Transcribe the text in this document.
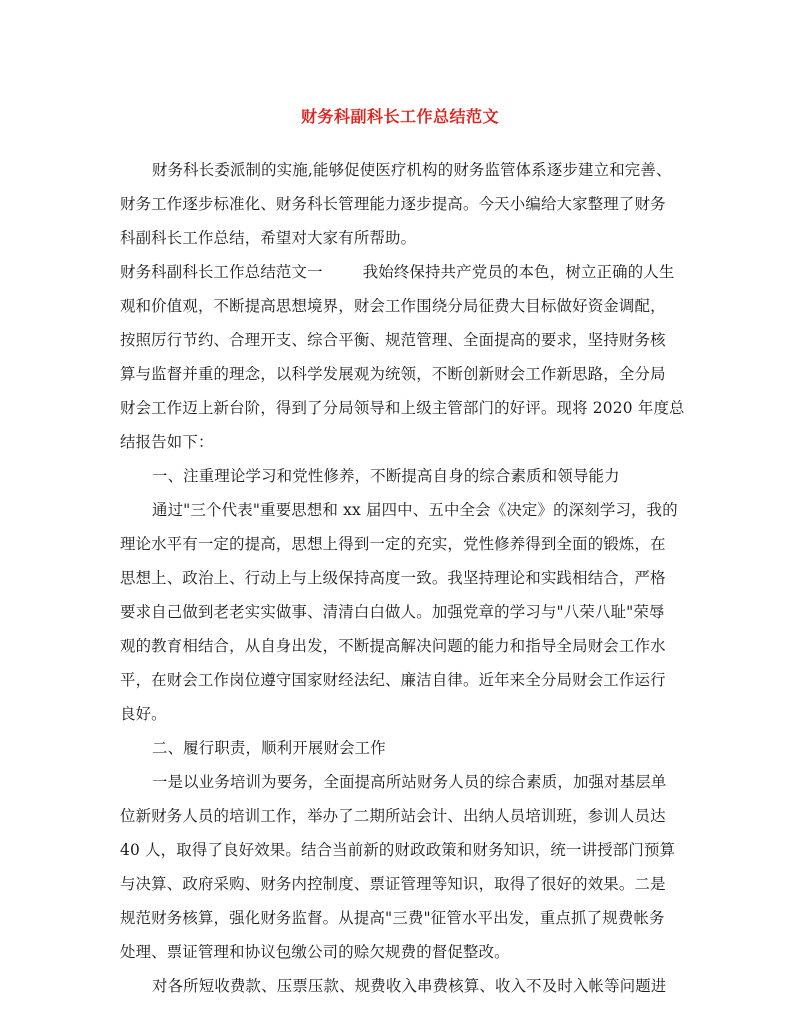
财务科副科长工作总结范文
财务科长委派制的实施,能够促使医疗机构的财务监管体系逐步建立和完善、
财务工作逐步标准化、财务科长管理能力逐步提高。今天小编给大家整理了财务
科副科长工作总结，希望对大家有所帮助。
财务科副科长工作总结范文一	我始终保持共产党员的本色，树立正确的人生
观和价值观，不断提高思想境界，财会工作围绕分局征费大目标做好资金调配，
按照厉行节约、合理开支、综合平衡、规范管理、全面提高的要求，坚持财务核
算与监督并重的理念，以科学发展观为统领，不断创新财会工作新思路，全分局
财会工作迈上新台阶，得到了分局领导和上级主管部门的好评。现将 2020 年度总
结报告如下：
一、注重理论学习和党性修养，不断提高自身的综合素质和领导能力
通过"三个代表"重要思想和 xx 届四中、五中全会《决定》的深刻学习，我的
理论水平有一定的提高，思想上得到一定的充实，党性修养得到全面的锻炼，在
思想上、政治上、行动上与上级保持高度一致。我坚持理论和实践相结合，严格
要求自己做到老老实实做事、清清白白做人。加强党章的学习与"八荣八耻"荣辱
观的教育相结合，从自身出发，不断提高解决问题的能力和指导全局财会工作水
平，在财会工作岗位遵守国家财经法纪、廉洁自律。近年来全分局财会工作运行
良好。
二、履行职责，顺利开展财会工作
一是以业务培训为要务，全面提高所站财务人员的综合素质，加强对基层单
位新财务人员的培训工作，举办了二期所站会计、出纳人员培训班，参训人员达
40 人，取得了良好效果。结合当前新的财政政策和财务知识，统一讲授部门预算
与决算、政府采购、财务内控制度、票证管理等知识，取得了很好的效果。二是
规范财务核算，强化财务监督。从提高"三费"征管水平出发，重点抓了规费帐务
处理、票证管理和协议包缴公司的赊欠规费的督促整改。
对各所短收费款、压票压款、规费收入串费核算、收入不及时入帐等问题进
